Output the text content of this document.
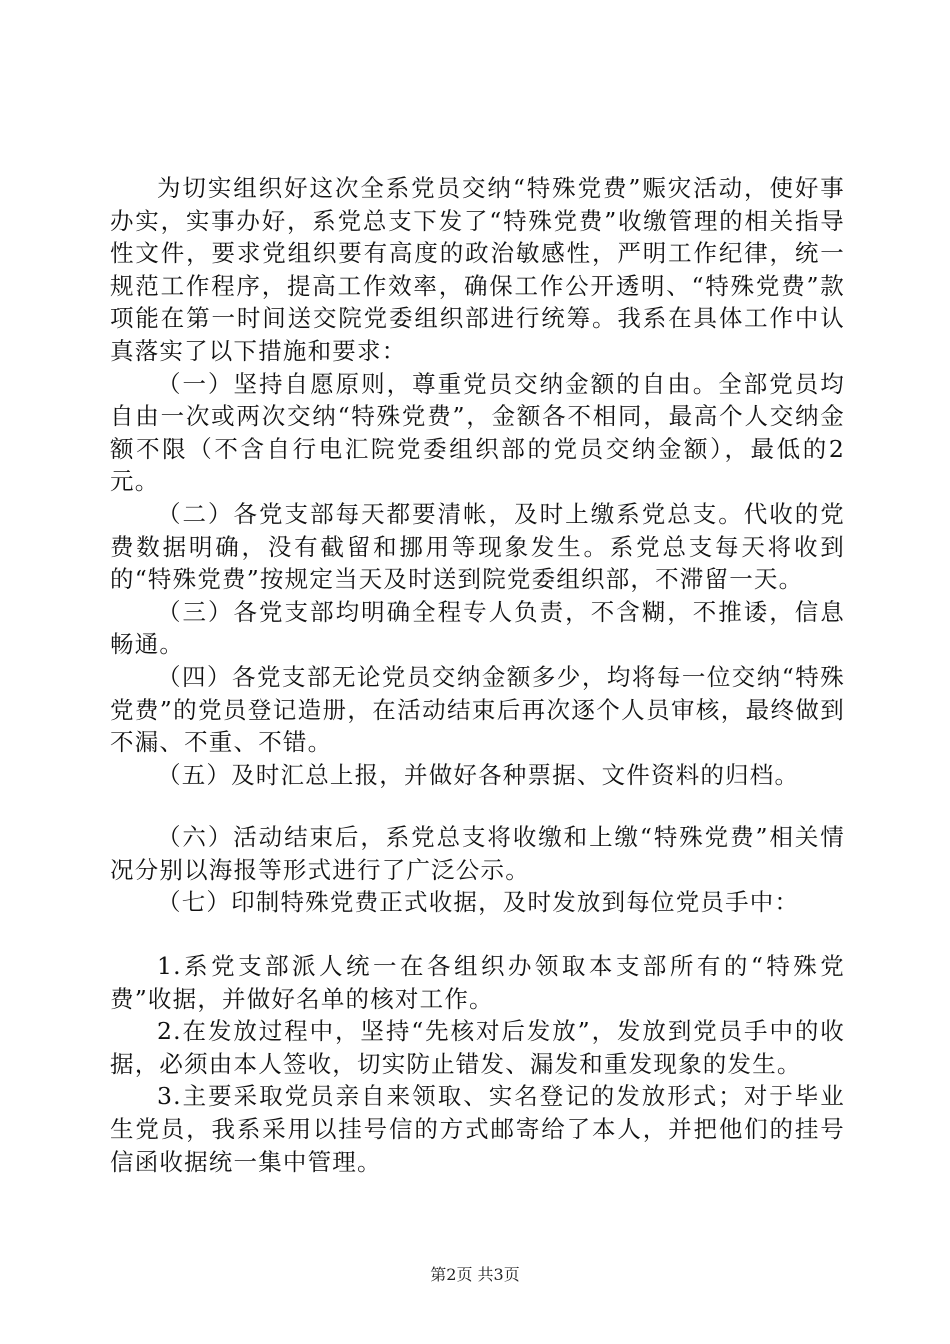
为切实组织好这次全系党员交纳“特殊党费”赈灾活动，使好事办实，实事办好，系党总支下发了“特殊党费”收缴管理的相关指导性文件，要求党组织要有高度的政治敏感性，严明工作纪律，统一规范工作程序，提高工作效率，确保工作公开透明、“特殊党费”款项能在第一时间送交院党委组织部进行统筹。我系在具体工作中认真落实了以下措施和要求：

（一）坚持自愿原则，尊重党员交纳金额的自由。全部党员均自由一次或两次交纳“特殊党费”，金额各不相同，最高个人交纳金额不限（不含自行电汇院党委组织部的党员交纳金额），最低的2元。

（二）各党支部每天都要清帐，及时上缴系党总支。代收的党费数据明确，没有截留和挪用等现象发生。系党总支每天将收到的“特殊党费”按规定当天及时送到院党委组织部，不滞留一天。

（三）各党支部均明确全程专人负责，不含糊，不推诿，信息畅通。

（四）各党支部无论党员交纳金额多少，均将每一位交纳“特殊党费”的党员登记造册，在活动结束后再次逐个人员审核，最终做到不漏、不重、不错。

（五）及时汇总上报，并做好各种票据、文件资料的归档。

（六）活动结束后，系党总支将收缴和上缴“特殊党费”相关情况分别以海报等形式进行了广泛公示。

（七）印制特殊党费正式收据，及时发放到每位党员手中：

1.系党支部派人统一在各组织办领取本支部所有的“特殊党费”收据，并做好名单的核对工作。

2.在发放过程中，坚持“先核对后发放”，发放到党员手中的收据，必须由本人签收，切实防止错发、漏发和重发现象的发生。

3.主要采取党员亲自来领取、实名登记的发放形式；对于毕业生党员，我系采用以挂号信的方式邮寄给了本人，并把他们的挂号信函收据统一集中管理。

第2页 共3页
